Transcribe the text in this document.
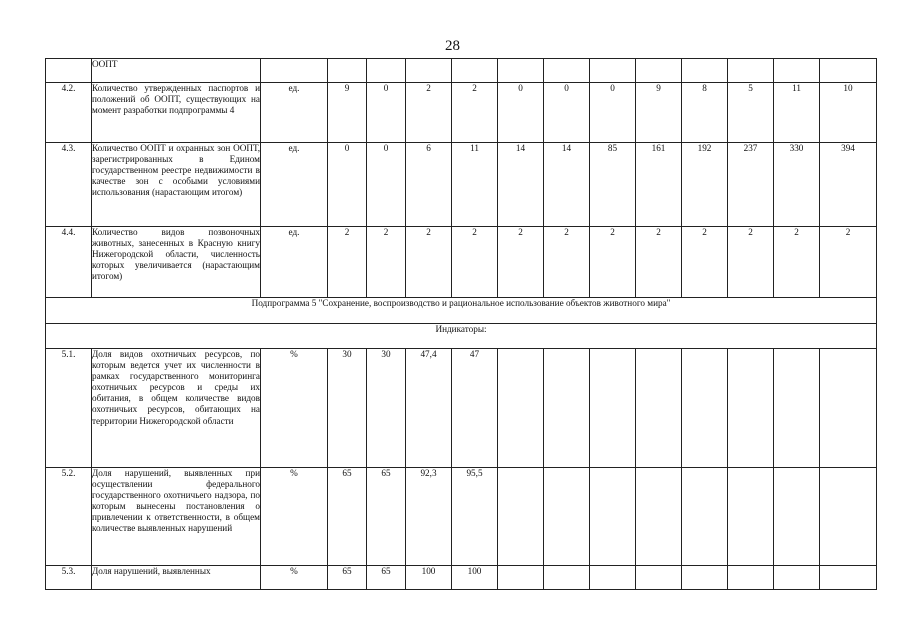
28
	ООПТ													
4.2.	Количество утвержденных паспортов и положений об ООПТ, существующих на момент разработки подпрограммы 4	ед.	9	0	2	2	0	0	0	9	8	5	11	10
4.3.	Количество ООПТ и охранных зон ООПТ, зарегистрированных в Едином государственном реестре недвижимости в качестве зон с особыми условиями использования (нарастающим итогом)	ед.	0	0	6	11	14	14	85	161	192	237	330	394
4.4.	Количество видов позвоночных животных, занесенных в Красную книгу Нижегородской области, численность которых увеличивается (нарастающим итогом)	ед.	2	2	2	2	2	2	2	2	2	2	2	2
Подпрограмма 5 "Сохранение, воспроизводство и рациональное использование объектов животного мира"														
Индикаторы:														
5.1.	Доля видов охотничьих ресурсов, по которым ведется учет их численности в рамках государственного мониторинга охотничьих ресурсов и среды их обитания, в общем количестве видов охотничьих ресурсов, обитающих на территории Нижегородской области	%	30	30	47,4	47								
5.2.	Доля нарушений, выявленных при осуществлении федерального государственного охотничьего надзора, по которым вынесены постановления о привлечении к ответственности, в общем количестве выявленных нарушений	%	65	65	92,3	95,5								
5.3.	Доля нарушений, выявленных	%	65	65	100	100								
